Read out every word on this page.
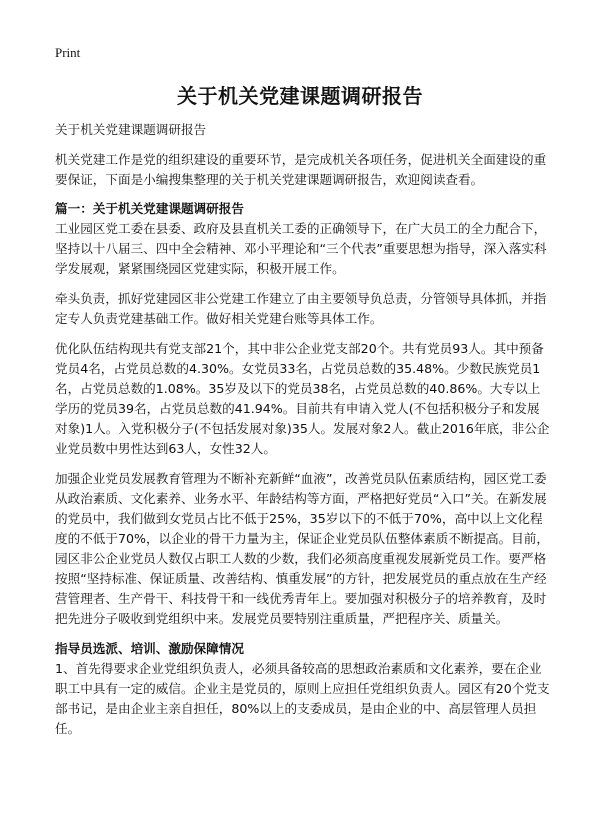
Print
关于机关党建课题调研报告

关于机关党建课题调研报告

机关党建工作是党的组织建设的重要环节，是完成机关各项任务，促进机关全面建设的重要保证，下面是小编搜集整理的关于机关党建课题调研报告，欢迎阅读查看。

篇一：关于机关党建课题调研报告

工业园区党工委在县委、政府及县直机关工委的正确领导下，在广大员工的全力配合下，坚持以十八届三、四中全会精神、邓小平理论和“三个代表”重要思想为指导，深入落实科学发展观，紧紧围绕园区党建实际，积极开展工作。

牵头负责，抓好党建园区非公党建工作建立了由主要领导负总责，分管领导具体抓，并指定专人负责党建基础工作。做好相关党建台账等具体工作。

优化队伍结构现共有党支部21个，其中非公企业党支部20个。共有党员93人。其中预备党员4名，占党员总数的4.30%。女党员33名，占党员总数的35.48%。少数民族党员1名，占党员总数的1.08%。35岁及以下的党员38名，占党员总数的40.86%。大专以上学历的党员39名，占党员总数的41.94%。目前共有申请入党人(不包括积极分子和发展对象)1人。入党积极分子(不包括发展对象)35人。发展对象2人。截止2016年底，非公企业党员数中男性达到63人，女性32人。

加强企业党员发展教育管理为不断补充新鲜“血液”，改善党员队伍素质结构，园区党工委从政治素质、文化素养、业务水平、年龄结构等方面，严格把好党员“入口”关。在新发展的党员中，我们做到女党员占比不低于25%，35岁以下的不低于70%，高中以上文化程度的不低于70%，以企业的骨干力量为主，保证企业党员队伍整体素质不断提高。目前，园区非公企业党员人数仅占职工人数的少数，我们必须高度重视发展新党员工作。要严格按照“坚持标准、保证质量、改善结构、慎重发展”的方针，把发展党员的重点放在生产经营管理者、生产骨干、科技骨干和一线优秀青年上。要加强对积极分子的培养教育，及时把先进分子吸收到党组织中来。发展党员要特别注重质量，严把程序关、质量关。

指导员选派、培训、激励保障情况

1、首先得要求企业党组织负责人，必须具备较高的思想政治素质和文化素养，要在企业职工中具有一定的威信。企业主是党员的，原则上应担任党组织负责人。园区有20个党支部书记，是由企业主亲自担任，80%以上的支委成员，是由企业的中、高层管理人员担任。
